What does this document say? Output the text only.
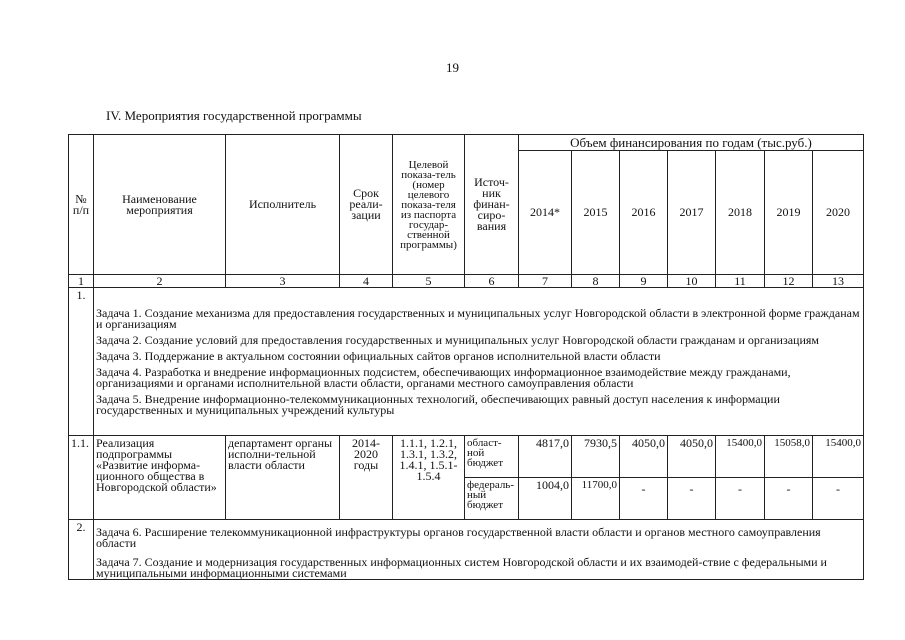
19
IV. Мероприятия государственной программы
№ п/п	Наименование мероприятия	Исполнитель	Срок реали-зации	Целевой показа-тель (номер целевого показа-теля из паспорта государ-ственной программы)	Источ-ник финан-сиро-вания	Объем финансирования по годам (тыс.руб.)						
						2014*	2015	2016	2017	2018	2019	2020
1	2	3	4	5	6	7	8	9	10	11	12	13
1.	Задача 1. Создание механизма для предоставления государственных и муниципальных услуг Новгородской области в электронной форме гражданам и организациям
Задача 2. Создание условий для предоставления государственных и муниципальных услуг Новгородской области гражданам и организациям
Задача 3. Поддержание в актуальном состоянии официальных сайтов органов исполнительной власти области
Задача 4. Разработка и внедрение информационных подсистем, обеспечивающих информационное взаимодействие между гражданами, организациями и органами исполнительной власти области, органами местного самоуправления области
Задача 5. Внедрение информационно-телекоммуникационных технологий, обеспечивающих равный доступ населения к информации государственных и муниципальных учреждений культуры											

1.1.	Реализация подпрограммы «Развитие информа-ционного общества в Новгородской области»	департамент органы исполни-тельной власти области	2014-2020 годы	1.1.1, 1.2.1, 1.3.1, 1.3.2, 1.4.1, 1.5.1-1.5.4	област-ной бюджет	4817,0	7930,5	4050,0	4050,0	15400,0	15058,0	15400,0
					федераль-ный бюджет	1004,0	11700,0	-	-	-	-	-
2.	Задача 6. Расширение телекоммуникационной инфраструктуры органов государственной власти области и органов местного самоуправления области
Задача 7. Создание и модернизация государственных информационных систем Новгородской области и их взаимодей-ствие с федеральными и муниципальными информационными системами											
